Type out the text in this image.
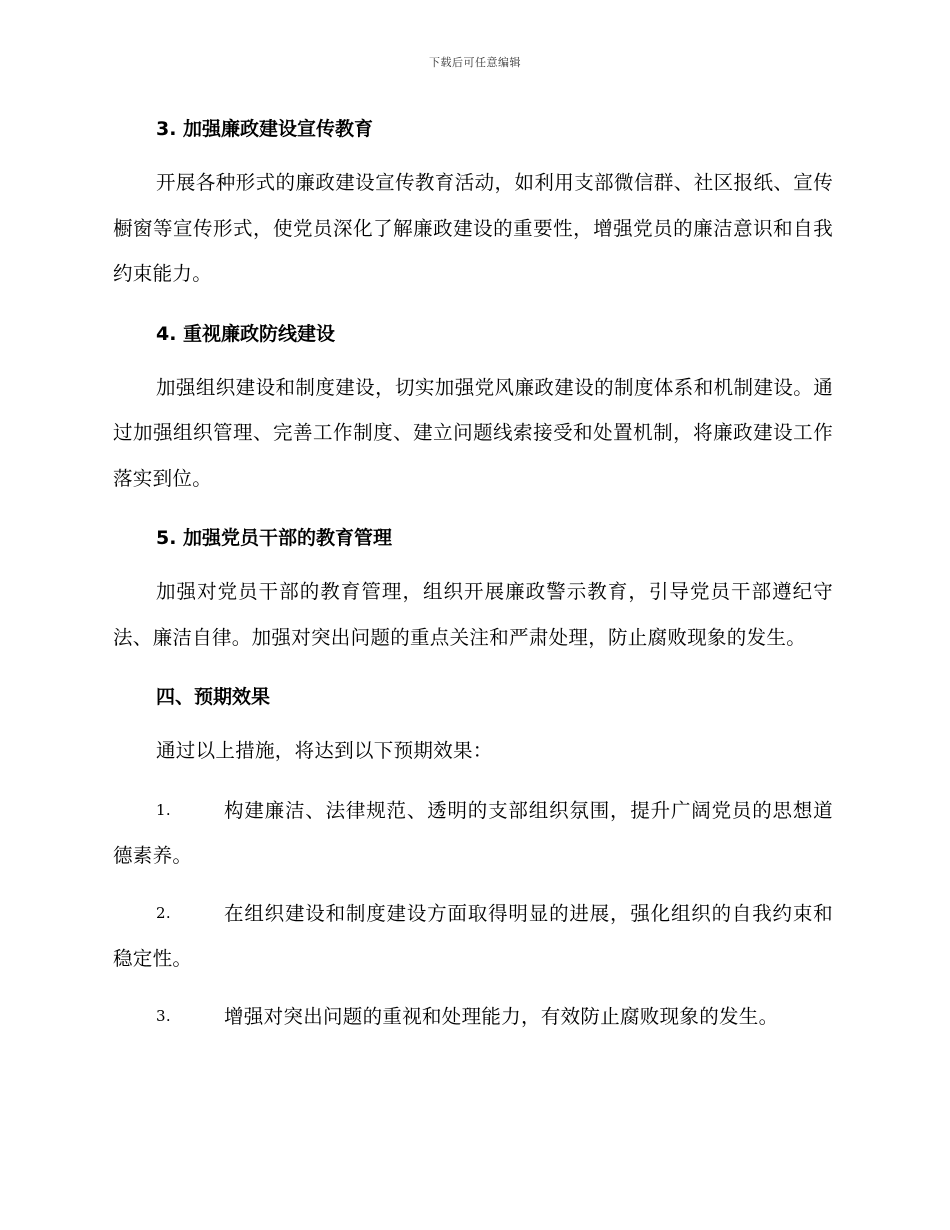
下载后可任意编辑
3. 加强廉政建设宣传教育

开展各种形式的廉政建设宣传教育活动，如利用支部微信群、社区报纸、宣传橱窗等宣传形式，使党员深化了解廉政建设的重要性，增强党员的廉洁意识和自我约束能力。

4. 重视廉政防线建设

加强组织建设和制度建设，切实加强党风廉政建设的制度体系和机制建设。通过加强组织管理、完善工作制度、建立问题线索接受和处置机制，将廉政建设工作落实到位。

5. 加强党员干部的教育管理

加强对党员干部的教育管理，组织开展廉政警示教育，引导党员干部遵纪守法、廉洁自律。加强对突出问题的重点关注和严肃处理，防止腐败现象的发生。

四、预期效果

通过以上措施，将达到以下预期效果：

1.	构建廉洁、法律规范、透明的支部组织氛围，提升广阔党员的思想道德素养。
2.	在组织建设和制度建设方面取得明显的进展，强化组织的自我约束和稳定性。
3.	增强对突出问题的重视和处理能力，有效防止腐败现象的发生。
